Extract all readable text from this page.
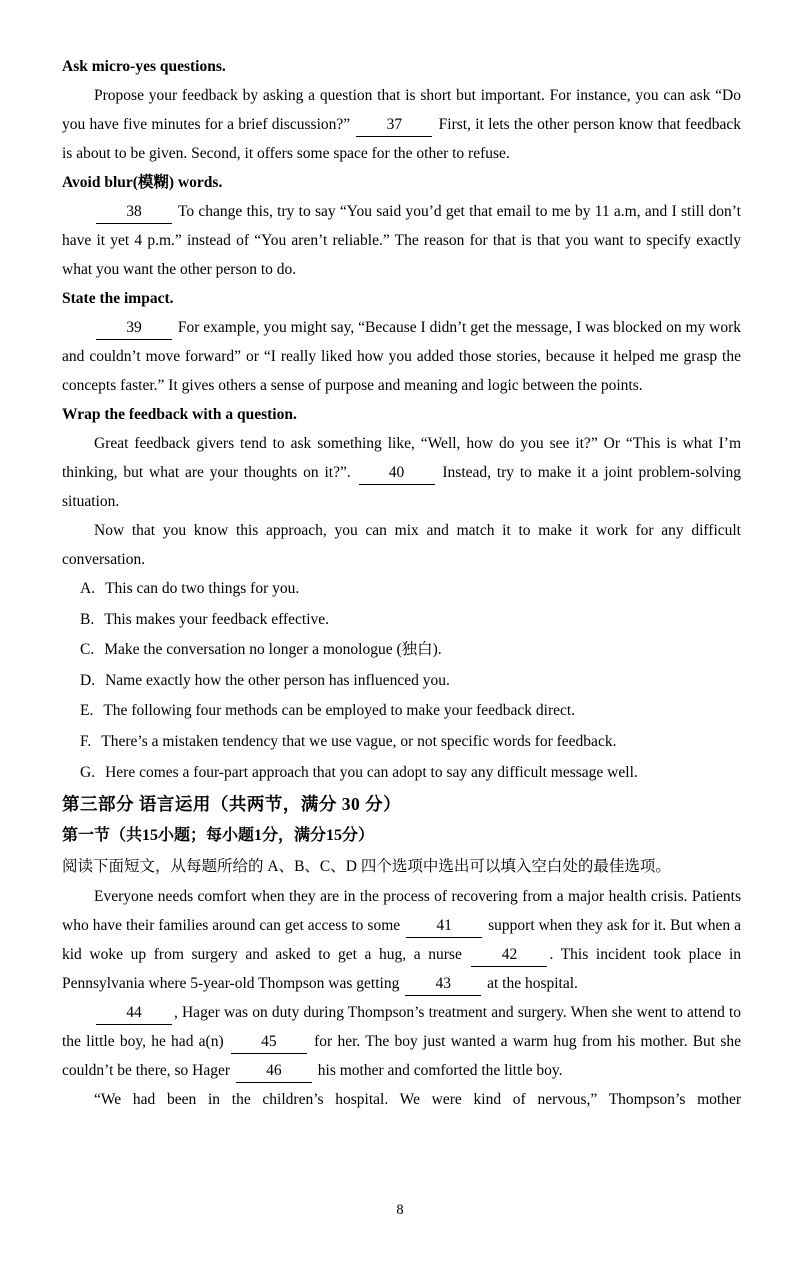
Ask micro-yes questions.

Propose your feedback by asking a question that is short but important. For instance, you can ask “Do you have five minutes for a brief discussion?” 37 First, it lets the other person know that feedback is about to be given. Second, it offers some space for the other to refuse.

Avoid blur(模糊) words.

38 To change this, try to say “You said you’d get that email to me by 11 a.m, and I still don’t have it yet 4 p.m.” instead of “You aren’t reliable.” The reason for that is that you want to specify exactly what you want the other person to do.

State the impact.

39 For example, you might say, “Because I didn’t get the message, I was blocked on my work and couldn’t move forward” or “I really liked how you added those stories, because it helped me grasp the concepts faster.” It gives others a sense of purpose and meaning and logic between the points.

Wrap the feedback with a question.

Great feedback givers tend to ask something like, “Well, how do you see it?” Or “This is what I’m thinking, but what are your thoughts on it?”. 40 Instead, try to make it a joint problem-solving situation.

Now that you know this approach, you can mix and match it to make it work for any difficult conversation.

A. This can do two things for you.
B. This makes your feedback effective.
C. Make the conversation no longer a monologue (独白).
D. Name exactly how the other person has influenced you.
E. The following four methods can be employed to make your feedback direct.
F. There’s a mistaken tendency that we use vague, or not specific words for feedback.
G. Here comes a four-part approach that you can adopt to say any difficult message well.
第三部分 语言运用（共两节，满分 30 分）
第一节（共15小题；每小题1分，满分15分）
阅读下面短文，从每题所给的 A、B、C、D 四个选项中选出可以填入空白处的最佳选项。

Everyone needs comfort when they are in the process of recovering from a major health crisis. Patients who have their families around can get access to some 41 support when they ask for it. But when a kid woke up from surgery and asked to get a hug, a nurse 42 . This incident took place in Pennsylvania where 5-year-old Thompson was getting 43 at the hospital.

44 , Hager was on duty during Thompson’s treatment and surgery. When she went to attend to the little boy, he had a(n) 45 for her. The boy just wanted a warm hug from his mother. But she couldn’t be there, so Hager 46 his mother and comforted the little boy.

“We had been in the children’s hospital. We were kind of nervous,” Thompson’s mother

8
